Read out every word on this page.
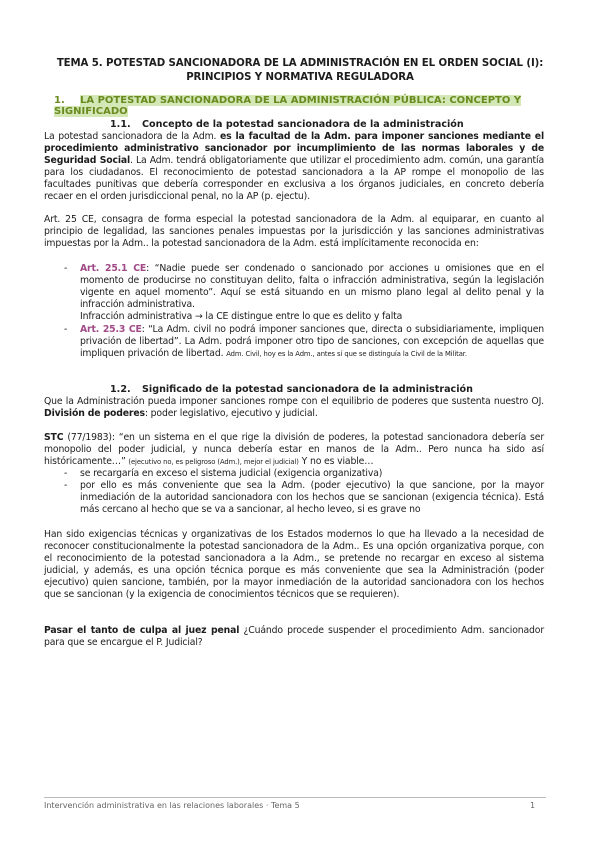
TEMA 5. POTESTAD SANCIONADORA DE LA ADMINISTRACIÓN EN EL ORDEN SOCIAL (I):
PRINCIPIOS Y NORMATIVA REGULADORA
1. LA POTESTAD SANCIONADORA DE LA ADMINISTRACIÓN PÚBLICA: CONCEPTO Y SIGNIFICADO
1.1. Concepto de la potestad sancionadora de la administración
La potestad sancionadora de la Adm. es la facultad de la Adm. para imponer sanciones mediante el procedimiento administrativo sancionador por incumplimiento de las normas laborales y de Seguridad Social. La Adm. tendrá obligatoriamente que utilizar el procedimiento adm. común, una garantía para los ciudadanos. El reconocimiento de potestad sancionadora a la AP rompe el monopolio de las facultades punitivas que debería corresponder en exclusiva a los órganos judiciales, en concreto debería recaer en el orden jurisdiccional penal, no la AP (p. ejectu).
Art. 25 CE, consagra de forma especial la potestad sancionadora de la Adm. al equiparar, en cuanto al principio de legalidad, las sanciones penales impuestas por la jurisdicción y las sanciones administrativas impuestas por la Adm.. la potestad sancionadora de la Adm. está implícitamente reconocida en:
- Art. 25.1 CE: “Nadie puede ser condenado o sancionado por acciones u omisiones que en el momento de producirse no constituyan delito, falta o infracción administrativa, según la legislación vigente en aquel momento”. Aquí se está situando en un mismo plano legal al delito penal y la infracción administrativa.
Infracción administrativa → la CE distingue entre lo que es delito y falta
- Art. 25.3 CE: “La Adm. civil no podrá imponer sanciones que, directa o subsidiariamente, impliquen privación de libertad”. La Adm. podrá imponer otro tipo de sanciones, con excepción de aquellas que impliquen privación de libertad. Adm. Civil, hoy es la Adm., antes sí que se distinguía la Civil de la Militar.
1.2. Significado de la potestad sancionadora de la administración
Que la Administración pueda imponer sanciones rompe con el equilibrio de poderes que sustenta nuestro OJ. División de poderes: poder legislativo, ejecutivo y judicial.
STC (77/1983): “en un sistema en el que rige la división de poderes, la potestad sancionadora debería ser monopolio del poder judicial, y nunca debería estar en manos de la Adm.. Pero nunca ha sido así históricamente…” (ejecutivo no, es peligroso (Adm.), mejor el judicial) Y no es viable…
- se recargaría en exceso el sistema judicial (exigencia organizativa)
- por ello es más conveniente que sea la Adm. (poder ejecutivo) la que sancione, por la mayor inmediación de la autoridad sancionadora con los hechos que se sancionan (exigencia técnica). Está más cercano al hecho que se va a sancionar, al hecho leveo, si es grave no
Han sido exigencias técnicas y organizativas de los Estados modernos lo que ha llevado a la necesidad de reconocer constitucionalmente la potestad sancionadora de la Adm.. Es una opción organizativa porque, con el reconocimiento de la potestad sancionadora a la Adm., se pretende no recargar en exceso al sistema judicial, y además, es una opción técnica porque es más conveniente que sea la Administración (poder ejecutivo) quien sancione, también, por la mayor inmediación de la autoridad sancionadora con los hechos que se sancionan (y la exigencia de conocimientos técnicos que se requieren).
Pasar el tanto de culpa al juez penal ¿Cuándo procede suspender el procedimiento Adm. sancionador para que se encargue el P. Judicial?
Intervención administrativa en las relaciones laborales · Tema 5	1
